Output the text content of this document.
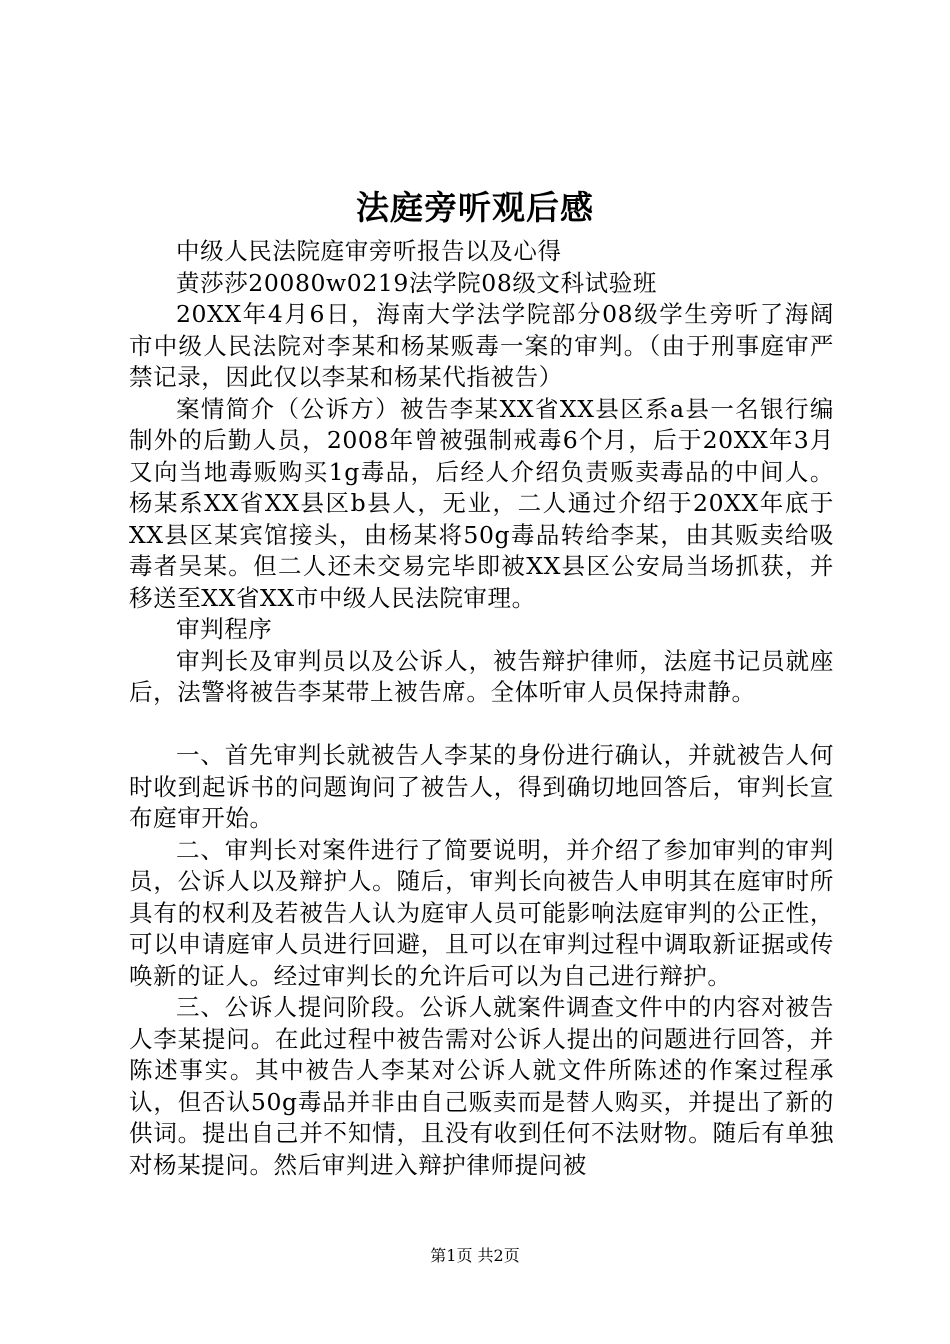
法庭旁听观后感

中级人民法院庭审旁听报告以及心得

黄莎莎20080w0219法学院08级文科试验班

20XX年4月6日，海南大学法学院部分08级学生旁听了海阔市中级人民法院对李某和杨某贩毒一案的审判。（由于刑事庭审严禁记录，因此仅以李某和杨某代指被告）

案情简介（公诉方）被告李某XX省XX县区系a县一名银行编制外的后勤人员，2008年曾被强制戒毒6个月，后于20XX年3月又向当地毒贩购买1g毒品，后经人介绍负责贩卖毒品的中间人。杨某系XX省XX县区b县人，无业，二人通过介绍于20XX年底于XX县区某宾馆接头，由杨某将50g毒品转给李某，由其贩卖给吸毒者吴某。但二人还未交易完毕即被XX县区公安局当场抓获，并移送至XX省XX市中级人民法院审理。

审判程序

审判长及审判员以及公诉人，被告辩护律师，法庭书记员就座后，法警将被告李某带上被告席。全体听审人员保持肃静。

一、首先审判长就被告人李某的身份进行确认，并就被告人何时收到起诉书的问题询问了被告人，得到确切地回答后，审判长宣布庭审开始。

二、审判长对案件进行了简要说明，并介绍了参加审判的审判员，公诉人以及辩护人。随后，审判长向被告人申明其在庭审时所具有的权利及若被告人认为庭审人员可能影响法庭审判的公正性，可以申请庭审人员进行回避，且可以在审判过程中调取新证据或传唤新的证人。经过审判长的允许后可以为自己进行辩护。

三、公诉人提问阶段。公诉人就案件调查文件中的内容对被告人李某提问。在此过程中被告需对公诉人提出的问题进行回答，并陈述事实。其中被告人李某对公诉人就文件所陈述的作案过程承认，但否认50g毒品并非由自己贩卖而是替人购买，并提出了新的供词。提出自己并不知情，且没有收到任何不法财物。随后有单独对杨某提问。然后审判进入辩护律师提问被

第1页 共2页
